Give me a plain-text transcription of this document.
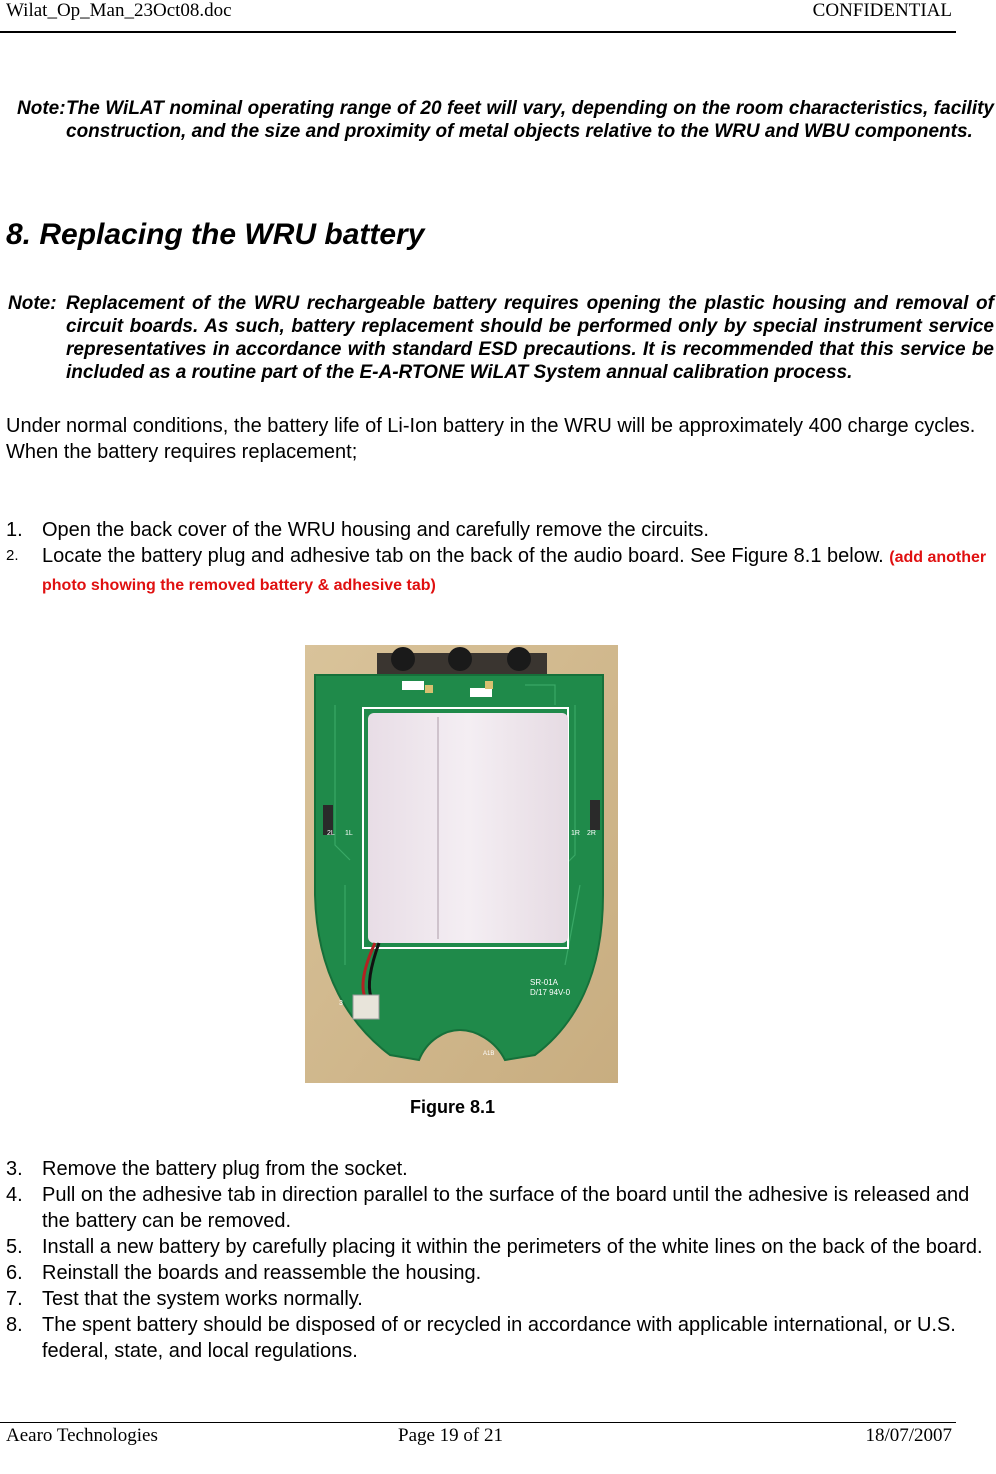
Wilat_Op_Man_23Oct08.doc	CONFIDENTIAL
Note: The WiLAT nominal operating range of 20 feet will vary, depending on the room characteristics, facility construction, and the size and proximity of metal objects relative to the WRU and WBU components.
8. Replacing the WRU battery
Note: Replacement of the WRU rechargeable battery requires opening the plastic housing and removal of circuit boards. As such, battery replacement should be performed only by special instrument service representatives in accordance with standard ESD precautions. It is recommended that this service be included as a routine part of the E-A-RTONE WiLAT System annual calibration process.
Under normal conditions, the battery life of Li-Ion battery in the WRU will be approximately 400 charge cycles. When the battery requires replacement;
1. Open the back cover of the WRU housing and carefully remove the circuits.
2. Locate the battery plug and adhesive tab on the back of the audio board. See Figure 8.1 below. (add another photo showing the removed battery & adhesive tab)
SR-01A
D/17 94V-0
A1B
3
1L
2L	1R 2R
Figure 8.1
3. Remove the battery plug from the socket.
4. Pull on the adhesive tab in direction parallel to the surface of the board until the adhesive is released and the battery can be removed.
5. Install a new battery by carefully placing it within the perimeters of the white lines on the back of the board.
6. Reinstall the boards and reassemble the housing.
7. Test that the system works normally.
8. The spent battery should be disposed of or recycled in accordance with applicable international, or U.S. federal, state, and local regulations.
Aearo Technologies	Page 19 of 21	18/07/2007
